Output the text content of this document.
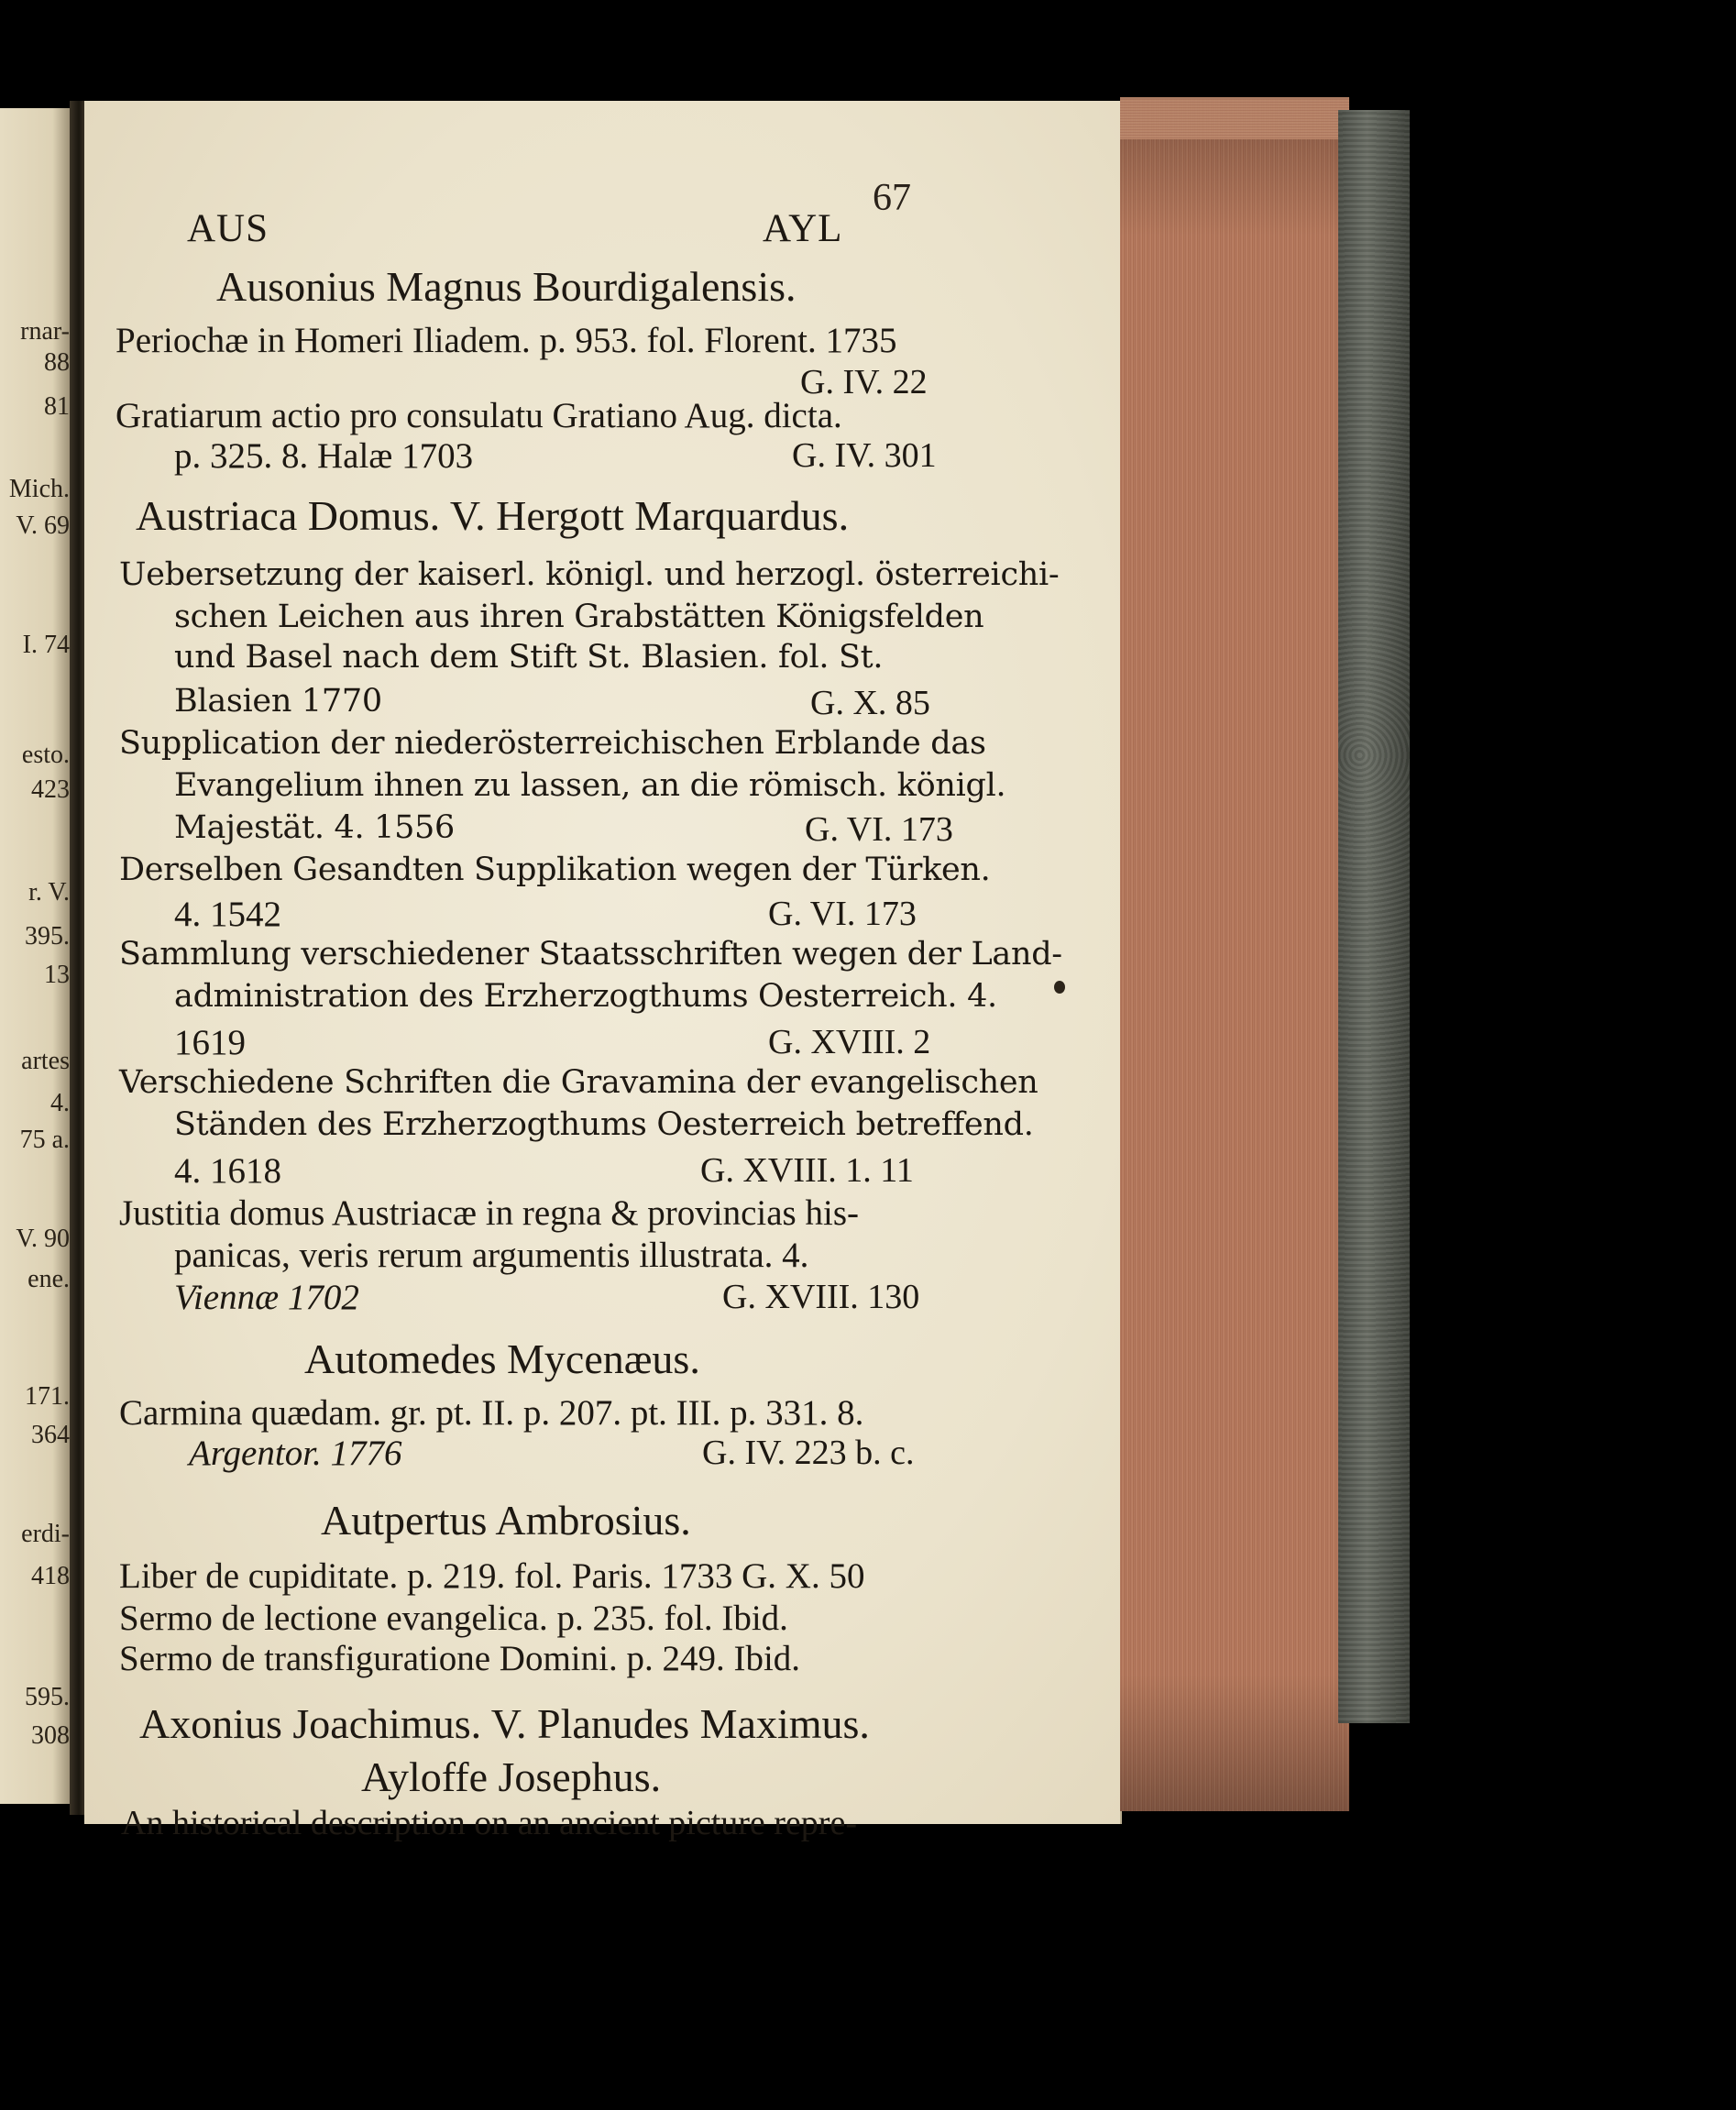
rnar-
88
81
Mich.
V. 69
I. 74
esto.
423
r. V.
395.
13
artes
4.
75 a.
V. 90
ene.
171.
364
erdi-
418
595.
308
67
AUS	AYL
Ausonius Magnus Bourdigalensis.
Periochæ in Homeri Iliadem. p. 953. fol. Florent. 1735
G. IV. 22
Gratiarum actio pro consulatu Gratiano Aug. dicta.
p. 325. 8. Halæ 1703	G. IV. 301
Austriaca Domus. V. Hergott Marquardus.
Uebersetzung der kaiserl. königl. und herzogl. österreichi-
schen Leichen aus ihren Grabstätten Königsfelden
und Basel nach dem Stift St. Blasien. fol. St.
Blasien 1770	G. X. 85
Supplication der niederösterreichischen Erblande das
Evangelium ihnen zu lassen, an die römisch. königl.
Majestät. 4. 1556	G. VI. 173
Derselben Gesandten Supplikation wegen der Türken.
4. 1542	G. VI. 173
Sammlung verschiedener Staatsschriften wegen der Land-
administration des Erzherzogthums Oesterreich. 4.
1619	G. XVIII. 2
Verschiedene Schriften die Gravamina der evangelischen
Ständen des Erzherzogthums Oesterreich betreffend.
4. 1618	G. XVIII. 1. 11
Justitia domus Austriacæ in regna & provincias his-
panicas, veris rerum argumentis illustrata. 4.
Viennæ 1702	G. XVIII. 130
Automedes Mycenæus.
Carmina quædam. gr. pt. II. p. 207. pt. III. p. 331. 8.
Argentor. 1776	G. IV. 223 b. c.
Autpertus Ambrosius.
Liber de cupiditate. p. 219. fol. Paris. 1733 G. X. 50
Sermo de lectione evangelica. p. 235. fol. Ibid.
Sermo de transfiguratione Domini. p. 249. Ibid.
Axonius Joachimus. V. Planudes Maximus.
Ayloffe Josephus.
An historical description on an ancient picture repre-
